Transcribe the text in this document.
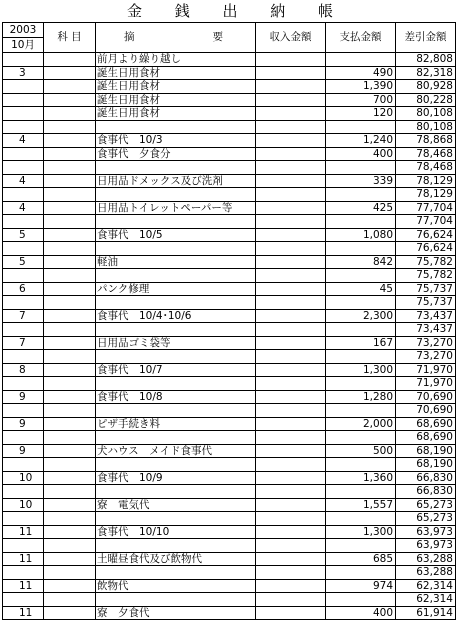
金 銭 出 納 帳
2003	科 目	摘 要	収入金額	支払金額	差引金額
10月					
		前月より繰り越し			82,808
3		誕生日用食材		490	82,318
		誕生日用食材		1,390	80,928
		誕生日用食材		700	80,228
		誕生日用食材		120	80,108
					80,108
4		食事代　10/3		1,240	78,868
		食事代　夕食分		400	78,468
					78,468
4		日用品ドメックス及び洗剤		339	78,129
					78,129
4		日用品トイレットペーパー等		425	77,704
					77,704
5		食事代　10/5		1,080	76,624
					76,624
5		軽油		842	75,782
					75,782
6		パンク修理		45	75,737
					75,737
7		食事代　10/4･10/6		2,300	73,437
					73,437
7		日用品ゴミ袋等		167	73,270
					73,270
8		食事代　10/7		1,300	71,970
					71,970
9		食事代　10/8		1,280	70,690
					70,690
9		ピザ手続き料		2,000	68,690
					68,690
9		犬ハウス　メイド食事代		500	68,190
					68,190
10		食事代　10/9		1,360	66,830
					66,830
10		寮　電気代		1,557	65,273
					65,273
11		食事代　10/10		1,300	63,973
					63,973
11		土曜昼食代及び飲物代		685	63,288
					63,288
11		飲物代		974	62,314
					62,314
11		寮　夕食代		400	61,914
